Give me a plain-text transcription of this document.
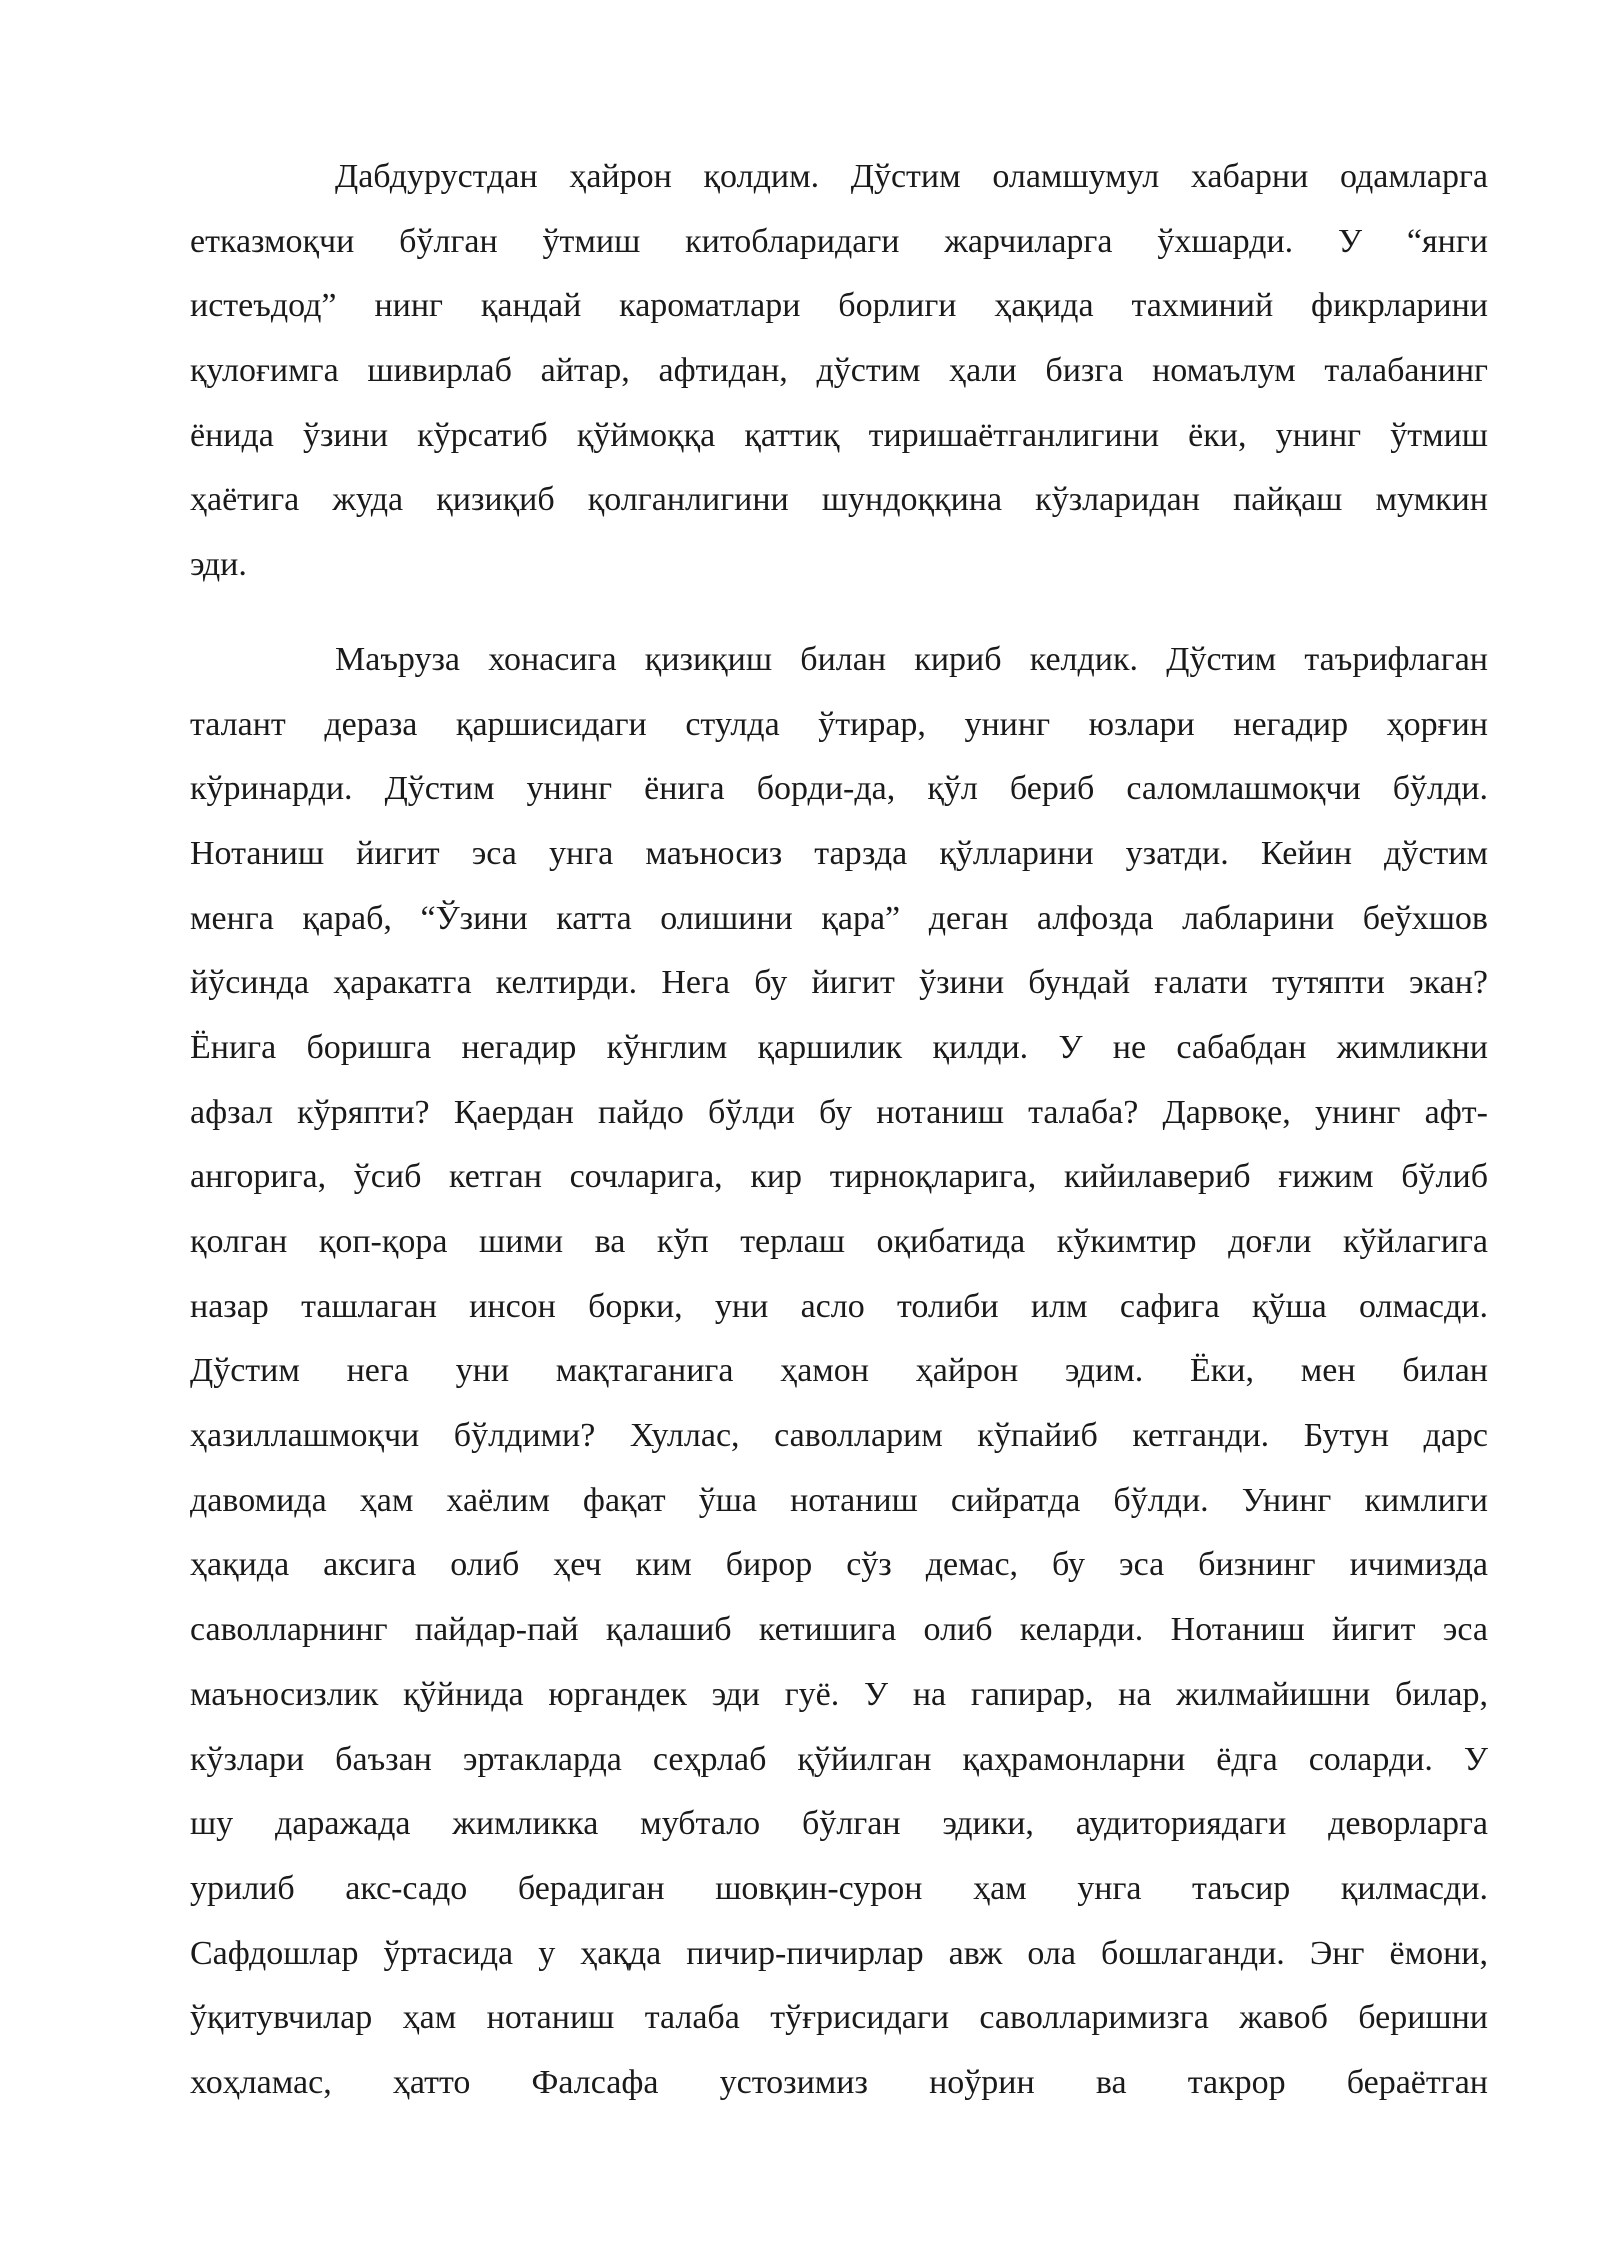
Дабдурустдан ҳайрон қолдим. Дўстим оламшумул хабарни одамларга
етказмоқчи бўлган ўтмиш китобларидаги жарчиларга ўхшарди. У “янги
истеъдод” нинг қандай кароматлари борлиги ҳақида тахминий фикрларини
қулоғимга шивирлаб айтар, афтидан, дўстим ҳали бизга номаълум талабанинг
ёнида ўзини кўрсатиб қўймоққа қаттиқ тиришаётганлигини ёки, унинг ўтмиш
ҳаётига жуда қизиқиб қолганлигини шундоққина кўзларидан пайқаш мумкин
эди.

Маъруза хонасига қизиқиш билан кириб келдик. Дўстим таърифлаган
талант дераза қаршисидаги стулда ўтирар, унинг юзлари негадир ҳорғин
кўринарди. Дўстим унинг ёнига борди-да, қўл бериб саломлашмоқчи бўлди.
Нотаниш йигит эса унга маъносиз тарзда қўлларини узатди. Кейин дўстим
менга қараб, “Ўзини катта олишини қара” деган алфозда лабларини беўхшов
йўсинда ҳаракатга келтирди. Нега бу йигит ўзини бундай ғалати тутяпти экан?
Ёнига боришга негадир кўнглим қаршилик қилди. У не сабабдан жимликни
афзал кўряпти? Қаердан пайдо бўлди бу нотаниш талаба? Дарвоқе, унинг афт-
ангорига, ўсиб кетган сочларига, кир тирноқларига, кийилавериб ғижим бўлиб
қолган қоп-қора шими ва кўп терлаш оқибатида кўкимтир доғли кўйлагига
назар ташлаган инсон борки, уни асло толиби илм сафига қўша олмасди.
Дўстим нега уни мақтаганига ҳамон ҳайрон эдим. Ёки, мен билан
ҳазиллашмоқчи бўлдими? Хуллас, саволларим кўпайиб кетганди. Бутун дарс
давомида ҳам хаёлим фақат ўша нотаниш сийратда бўлди. Унинг кимлиги
ҳақида аксига олиб ҳеч ким бирор сўз демас, бу эса бизнинг ичимизда
саволларнинг пайдар-пай қалашиб кетишига олиб келарди. Нотаниш йигит эса
маъносизлик қўйнида юргандек эди гуё. У на гапирар, на жилмайишни билар,
кўзлари баъзан эртакларда сеҳрлаб қўйилган қаҳрамонларни ёдга соларди. У
шу даражада жимликка мубтало бўлган эдики, аудиториядаги деворларга
урилиб акс-садо берадиган шовқин-сурон ҳам унга таъсир қилмасди.
Сафдошлар ўртасида у ҳақда пичир-пичирлар авж ола бошлаганди. Энг ёмони,
ўқитувчилар ҳам нотаниш талаба тўғрисидаги саволларимизга жавоб беришни
хоҳламас, ҳатто Фалсафа устозимиз ноўрин ва такрор бераётган
